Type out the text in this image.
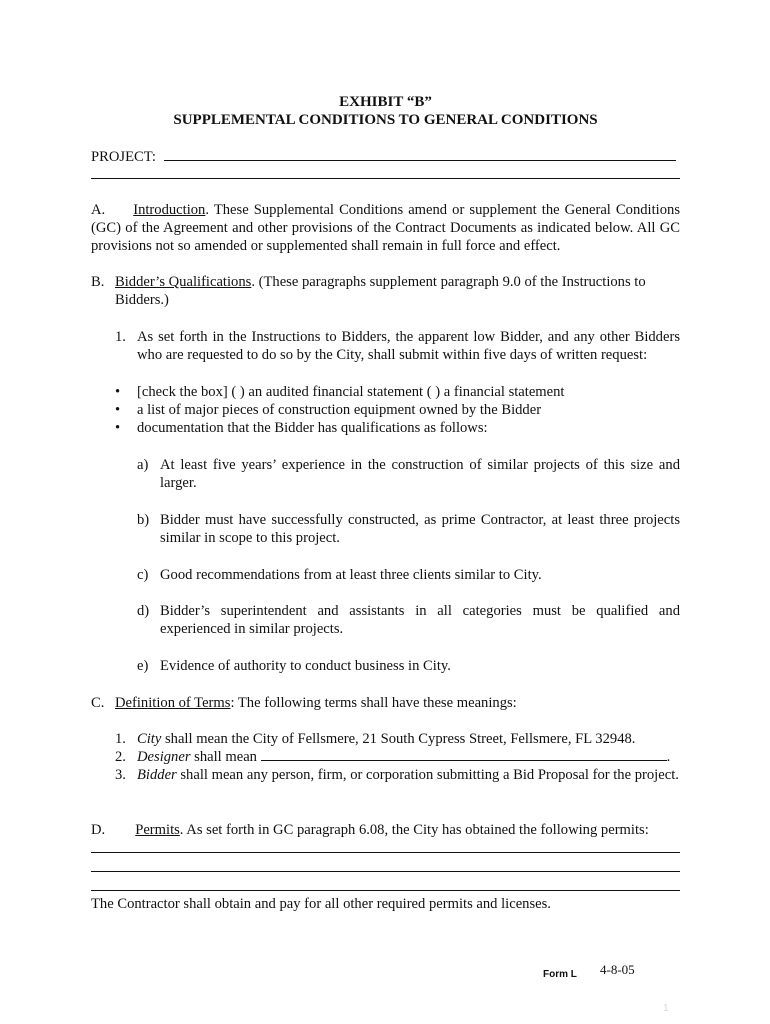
EXHIBIT “B”
SUPPLEMENTAL CONDITIONS TO GENERAL CONDITIONS
PROJECT:
A. Introduction. These Supplemental Conditions amend or supplement the General Conditions (GC) of the Agreement and other provisions of the Contract Documents as indicated below. All GC provisions not so amended or supplemented shall remain in full force and effect.
B. Bidder’s Qualifications. (These paragraphs supplement paragraph 9.0 of the Instructions to Bidders.)
1. As set forth in the Instructions to Bidders, the apparent low Bidder, and any other Bidders who are requested to do so by the City, shall submit within five days of written request:
• [check the box] ( ) an audited financial statement ( ) a financial statement
• a list of major pieces of construction equipment owned by the Bidder
• documentation that the Bidder has qualifications as follows:
a) At least five years’ experience in the construction of similar projects of this size and larger.
b) Bidder must have successfully constructed, as prime Contractor, at least three projects similar in scope to this project.
c) Good recommendations from at least three clients similar to City.
d) Bidder’s superintendent and assistants in all categories must be qualified and experienced in similar projects.
e) Evidence of authority to conduct business in City.
C. Definition of Terms: The following terms shall have these meanings:
1. City shall mean the City of Fellsmere, 21 South Cypress Street, Fellsmere, FL 32948.
2. Designer shall mean	.
3. Bidder shall mean any person, firm, or corporation submitting a Bid Proposal for the project.
D. Permits. As set forth in GC paragraph 6.08, the City has obtained the following permits:
The Contractor shall obtain and pay for all other required permits and licenses.
Form L 4-8-05
1
